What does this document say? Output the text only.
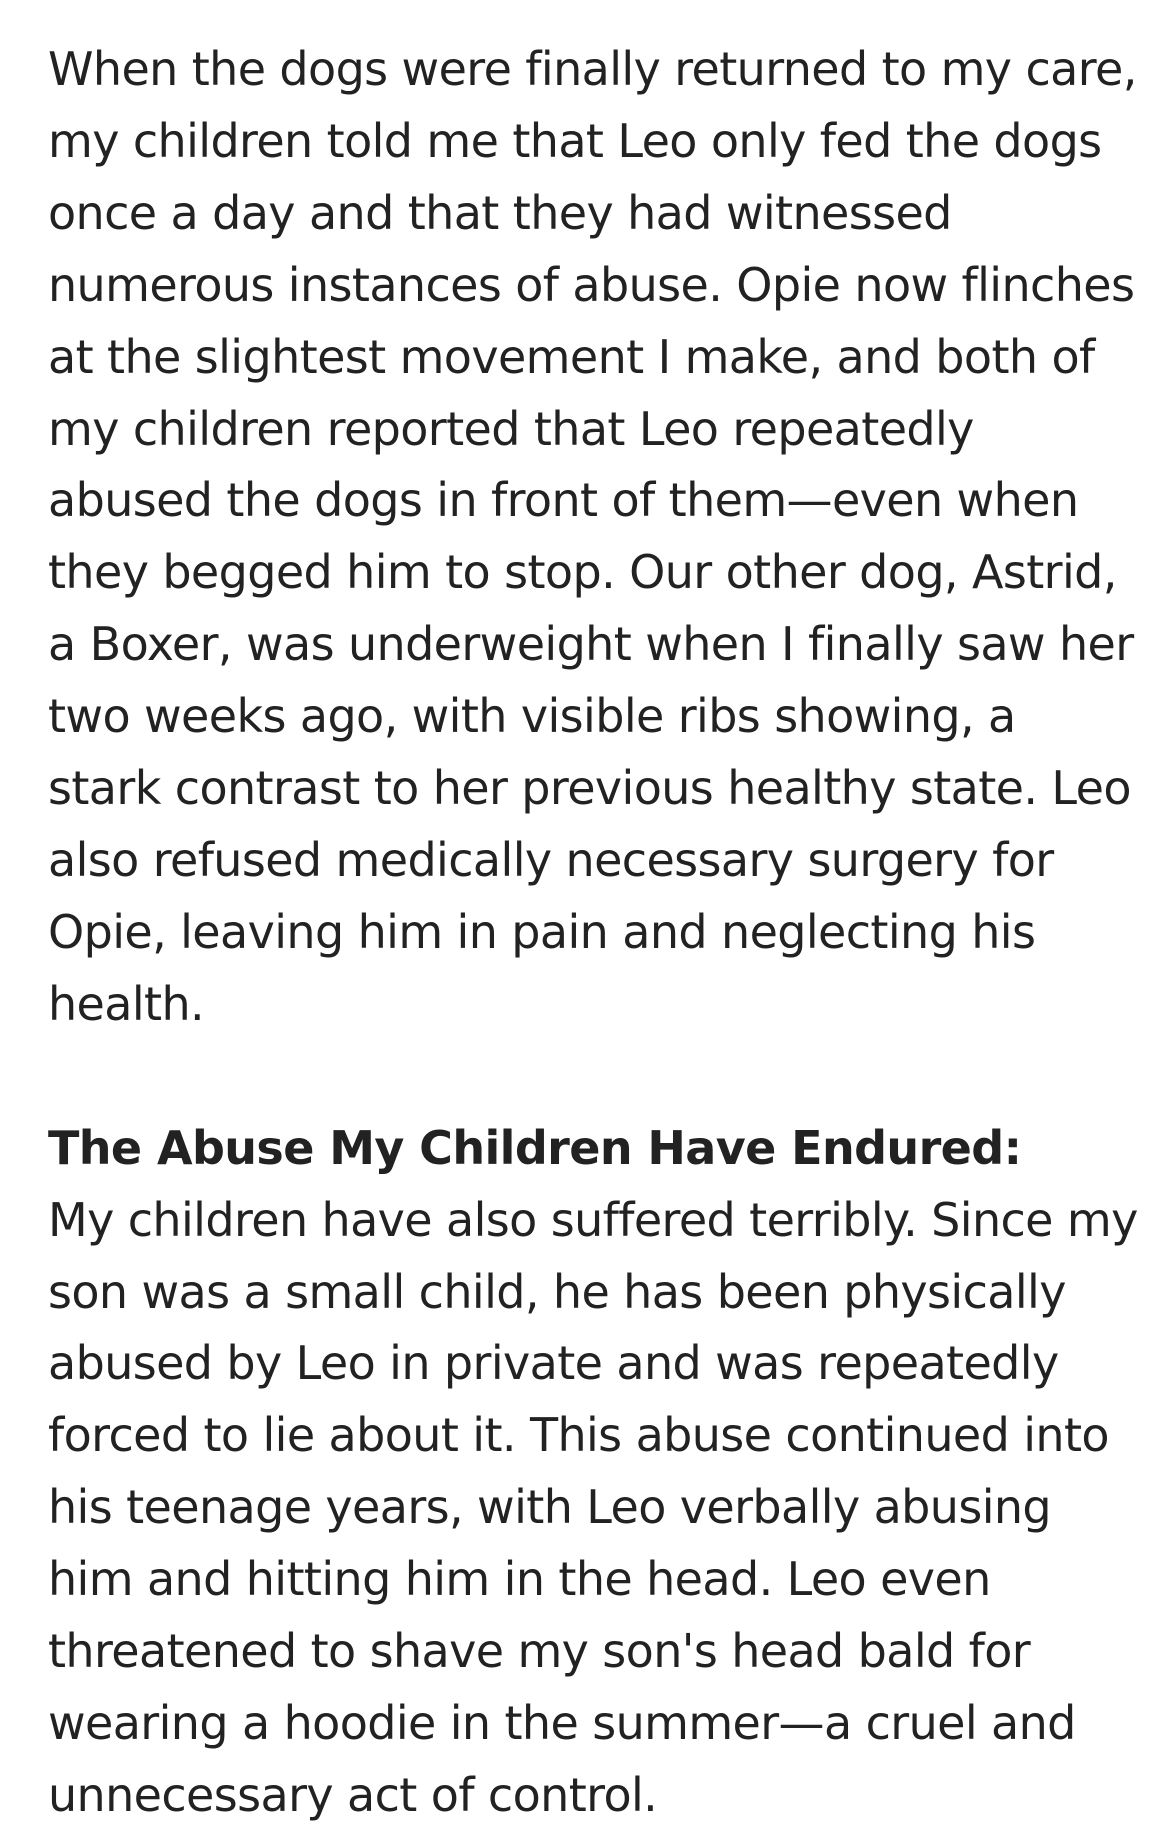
When the dogs were finally returned to my care, my children told me that Leo only fed the dogs once a day and that they had witnessed numerous instances of abuse. Opie now flinches at the slightest movement I make, and both of my children reported that Leo repeatedly abused the dogs in front of them—even when they begged him to stop. Our other dog, Astrid, a Boxer, was underweight when I finally saw her two weeks ago, with visible ribs showing, a stark contrast to her previous healthy state. Leo also refused medically necessary surgery for Opie, leaving him in pain and neglecting his health.

The Abuse My Children Have Endured:

My children have also suffered terribly. Since my son was a small child, he has been physically abused by Leo in private and was repeatedly forced to lie about it. This abuse continued into his teenage years, with Leo verbally abusing him and hitting him in the head. Leo even threatened to shave my son's head bald for wearing a hoodie in the summer—a cruel and unnecessary act of control.
